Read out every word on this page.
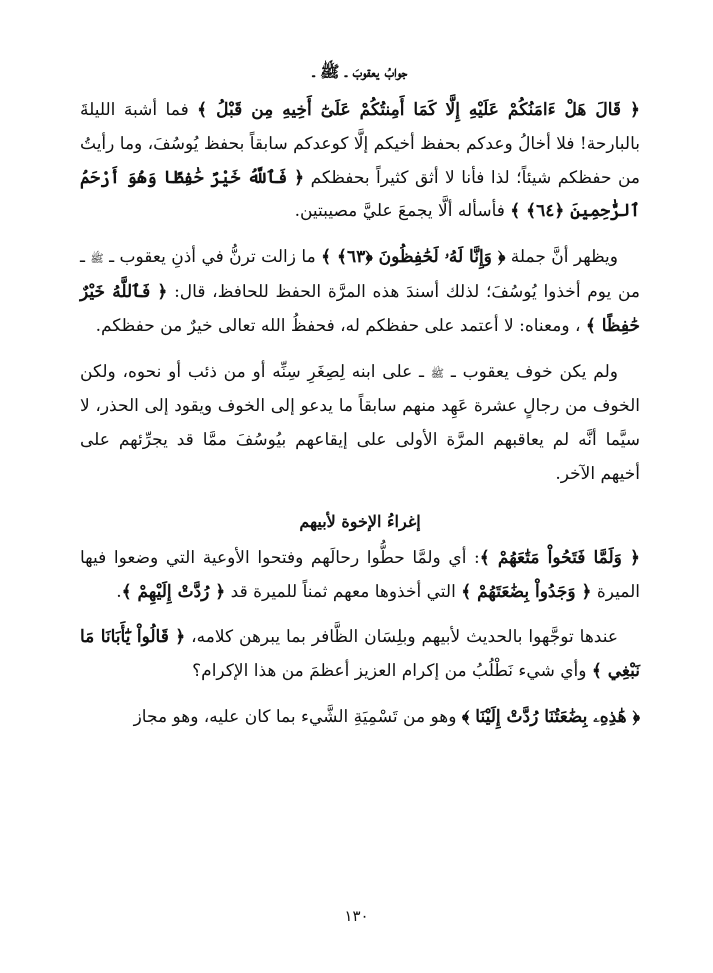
جوابُ يعقوبَ ـ ﷺ ـ

﴿ قَالَ هَلْ ءَامَنُكُمْ عَلَيْهِ إِلَّا كَمَا أَمِنتُكُمْ عَلَىٰٓ أَخِيهِ مِن قَبْلُ ﴾ فما أشبهَ الليلةَ بالبارحة! فلا أخالُ وعدكم بحفظ أخيكم إلَّا كوعدكم سابقاً بحفظ يُوسُفَ، وما رأيتُ من حفظكم شيئاً؛ لذا فأنا لا أثق كثيراً بحفظكم ﴿ فَٱللَّهُ خَيْرٌ حَٰفِظًا وَهُوَ أَرْحَمُ ٱلرَّٰحِمِينَ ﴿٦٤﴾ ﴾ فأسأله ألَّا يجمعَ عليَّ مصيبتين.

ويظهر أنَّ جملة ﴿ وَإِنَّا لَهُۥ لَحَٰفِظُونَ ﴿٦٣﴾ ﴾ ما زالت ترنُّ في أذنِ يعقوب ـ ﷺ ـ من يوم أخذوا يُوسُفَ؛ لذلك أسندَ هذه المرَّة الحفظ للحافظ، قال: ﴿ فَٱللَّهُ خَيْرٌ حَٰفِظًا ﴾ ، ومعناه: لا أعتمد على حفظكم له، فحفظُ الله تعالى خيرٌ من حفظكم.

ولم يكن خوف يعقوب ـ ﷺ ـ على ابنه لِصِغَرِ سِنِّه أو من ذئب أو نحوه، ولكن الخوف من رجالٍ عشرة عَهِد منهم سابقاً ما يدعو إلى الخوف ويقود إلى الحذر، لا سيَّما أنَّه لم يعاقبهم المرَّة الأولى على إيقاعهم بيُوسُفَ ممَّا قد يجرِّئهم على أخيهم الآخر.

إغراءُ الإخوة لأبيهم

﴿ وَلَمَّا فَتَحُواْ مَتَٰعَهُمْ ﴾: أي ولمَّا حطُّوا رحالَهم وفتحوا الأوعية التي وضعوا فيها الميرة ﴿ وَجَدُواْ بِضَٰعَتَهُمْ ﴾ التي أخذوها معهم ثمناً للميرة قد ﴿ رُدَّتْ إِلَيْهِمْ ﴾.

عندها توجَّهوا بالحديث لأبيهم وبلِسَان الظَّافر بما يبرهن كلامه، ﴿ قَالُواْ يَٰٓأَبَانَا مَا نَبْغِي ﴾ وأي شيء نَطْلُبُ من إكرام العزيز أعظمَ من هذا الإكرام؟

﴿ هَٰذِهِۦ بِضَٰعَتُنَا رُدَّتْ إِلَيْنَا ﴾ وهو من تَسْمِيَةِ الشَّيء بما كان عليه، وهو مجاز

١٣٠
